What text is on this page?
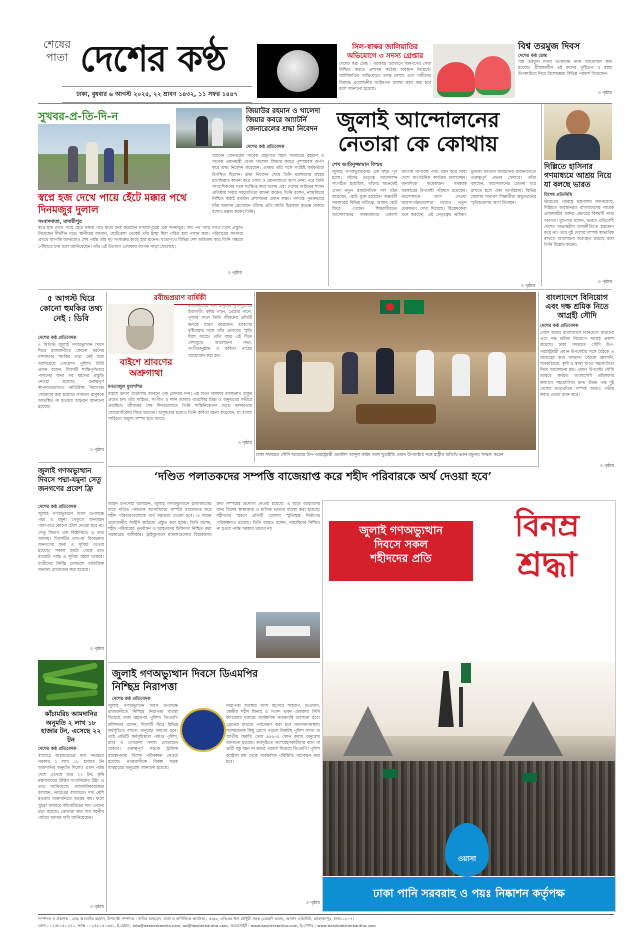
শেষের
পাতা দেশের কণ্ঠ
ঢাকা, বুধবার ৬ আগস্ট ২০২৫, ২২ শ্রাবণ ১৪৩২, ১১ সফর ১৪৪৭
সিল-স্বাক্ষর জালিয়াতির অভিযোগে ৩ সদস্য গ্রেপ্তার

দেশের কণ্ঠ ডেস্ক : সরকারি উদ্যোগে জনগণের সেবা নিশ্চিত করতে প্রশাসন কঠোর অবস্থান নিয়েছে। জালিয়াতির অভিযোগে তদন্ত চলছে এবং দায়ীদের বিরুদ্ধে প্রয়োজনীয় আইনগত ব্যবস্থা গ্রহণ করা হবে বলে জানানো হয়েছে।

বিশ্ব তরমুজ দিবস
দেশের কণ্ঠ ডেস্ক

বিশ্ব তরমুজ দিবস উপলক্ষে নানা আয়োজন করা হয়েছে। গ্রীষ্মকালীন এই ফলের পুষ্টিগুণ ও স্বাস্থ্য উপকারিতা নিয়ে বিশেষজ্ঞরা বিভিন্ন পরামর্শ দিয়েছেন।

৩ পৃষ্ঠায়
সুখবর-প্র-তি-দি-ন
স্বপ্নে হজ দেখে পায়ে হেঁটে মক্কার পথে দিনমজুর দুলাল
সংবাদদাতা, মাদারীপুর

স্বপ্নে হজ দেখে পায়ে হেঁটে মক্কার পথে যাত্রা শুরু করেছেন মাদারীপুরের এক দিনমজুর। দীর্ঘ পথ পাড়ি দিতে তিনি প্রস্তুতি নিয়েছেন দীর্ঘদিন ধরে। স্থানীয়রা জানান, ছোটবেলা থেকেই তাঁর ইচ্ছা ছিল পবিত্র হজ পালন করা। পরিবারের সদস্যরা প্রথমে আপত্তি জানালেও শেষ পর্যন্ত তাঁর দৃঢ় সংকল্পের কাছে হার মানেন। যাত্রাপথে বিভিন্ন দেশ অতিক্রম করে তিনি গন্তব্যে পৌঁছাতে চান বলে জানিয়েছেন। তাঁর এই উদ্যোগ এলাকায় ব্যাপক সাড়া ফেলেছে।

৩ পৃষ্ঠায়
জিয়াউর রহমান ও খালেদা জিয়ার কবরে আ্যাটর্নি জেনারেলের শ্রদ্ধা নিবেদন
দেশের কণ্ঠ প্রতিবেদক

অ্যাটর্নি জেনারেল সাবেক রাষ্ট্রপতি শহীদ জিয়াউর রহমান ও সাবেক প্রধানমন্ত্রী বেগম খালেদা জিয়ার কবরে পুষ্পস্তবক অর্পণ করে শ্রদ্ধা নিবেদন করেছেন। এসময় তাঁর সঙ্গে সংশ্লিষ্ট কর্মকর্তারা উপস্থিত ছিলেন। শ্রদ্ধা নিবেদন শেষে তিনি মরহুমদের রুহের মাগফিরাত কামনা করে দোয়া ও মোনাজাতে অংশ নেন। পরে তিনি সাংবাদিকদের সঙ্গে সংক্ষিপ্ত কথা বলেন এবং দেশের আইনের শাসন প্রতিষ্ঠায় সবার সহযোগিতা কামনা করেন। তিনি বলেন, ন্যায়বিচার নিশ্চিত করাই বর্তমান প্রশাসনের প্রধান লক্ষ্য। গণতন্ত্র পুনরুদ্ধারে যাঁরা অবদান রেখেছেন তাঁদের প্রতি জাতি চিরকাল কৃতজ্ঞ থাকবে বলেও মন্তব্য করেন তিনি।

জুলাই আন্দোলনের
নেতারা কে কোথায়
শেখ আমিনুজ্জামান বিস্ময়

জুলাই গণঅভ্যুত্থানের এক বছর পূর্ণ হলো। যাঁদের নেতৃত্বে আন্দোলন সংগঠিত হয়েছিল, তাঁদের অনেকেই এখন নতুন রাজনৈতিক দল গঠন করেছেন, কেউ যুক্ত হয়েছেন অন্তর্বর্তী সরকারের বিভিন্ন দায়িত্বে, আবার কেউ ফিরে গেছেন শিক্ষাজীবনে। আন্দোলনের সমন্বয়কদের একাংশ জাতীয় নাগরিক পার্টি গঠন করে সারা দেশে সাংগঠনিক কার্যক্রম চালাচ্ছেন। অন্যদিকে কয়েকজন সমন্বয়ক সরকারের উপদেষ্টা পরিষদে রয়েছেন। আন্দোলনে অংশ নেওয়া ছাত্রসংগঠনগুলোর মধ্যেও নতুন মেরুকরণ দেখা দিয়েছে। বিশ্লেষকেরা মনে করছেন, এই নেতৃত্বের ভবিষ্যৎ ভূমিকা আগামী নির্বাচনের রাজনীতিতে গুরুত্বপূর্ণ প্রভাব ফেলবে। তাঁরা বলছেন, আন্দোলনের চেতনা ধরে রাখতে হলে ঐক্য অপরিহার্য। বিভিন্ন জেলায় সাধারণ শিক্ষার্থীরা অভ্যুত্থানের স্মৃতিচারণায় অংশ নিচ্ছেন।

৩ পৃষ্ঠায়
দিল্লিতে হাসিনার গণমাধ্যমে আশ্রয় নিয়ে যা বলছে ভারত
বিশেষ প্রতিনিধি

ভারতের পররাষ্ট্র মন্ত্রণালয় জানিয়েছে, দিল্লিতে অবস্থানরত বাংলাদেশের সাবেক প্রধানমন্ত্রীর বক্তব্য প্রচারের বিষয়টি তারা অবগত। মুখপাত্র বলেন, ভারত প্রতিবেশী দেশের অভ্যন্তরীণ রাজনীতিতে হস্তক্ষেপ করে না। তবে দুই দেশের সম্পর্ক স্বাভাবিক রাখতে আলোচনা অব্যাহত রয়েছে বলে তিনি উল্লেখ করেন।

৩ পৃষ্ঠায়
৫ আগস্ট ঘিরে কোনো হুমকির তথ্য নেই : ডিবি
দেশের কণ্ঠ প্রতিবেদক

৫ আগস্ট জুলাই গণঅভ্যুত্থান দিবস ঘিরে রাজধানীতে কোনো ধরনের নাশকতার হুমকির তথ্য নেই বলে জানিয়েছে গোয়েন্দা পুলিশ। ডিবি প্রধান বলেন, দিবসটি শান্তিপূর্ণভাবে পালনের জন্য সব ধরনের প্রস্তুতি নেওয়া হয়েছে। গুরুত্বপূর্ণ স্থাপনাগুলোতে অতিরিক্ত নিরাপত্তা জোরদার করা হয়েছে। সাধারণ মানুষকে আতঙ্কিত না হওয়ার আহ্বান জানানো হয়েছে।

৩ পৃষ্ঠায়
রবীন্দ্রপ্রয়াণ বার্ষিকী
বাইশে শ্রাবণের অশ্রুগাথা
মনতাজুল মুবাশশির

বাইশে শ্রাবণ বাঙালির জীবনে এক বেদনার দিন। এই দিনে বিশ্বকবি রবীন্দ্রনাথ ঠাকুর প্রয়াত হন। তাঁর সাহিত্য, সংগীত ও দর্শন আজও বাঙালির চিন্তা ও অনুভবের গভীরে প্রবাহিত। জীবনের শেষ দিনগুলোতে তিনি শান্তিনিকেতন ছেড়ে কলকাতার জোড়াসাঁকোয় ফিরে আসেন। অসুস্থতার মধ্যেও তিনি কবিতা রচনা করেছেন, যা বাংলা সাহিত্যে অমূল্য সম্পদ হয়ে আছে।

রবীন্দ্রনাথের গান মানুষের সুখ-দুঃখের চিরসাথী। বর্ষার গানে, প্রেমের গানে, পূজার গানে তিনি জীবনের প্রতিটি ক্ষণকে ধারণ করেছেন। শ্রাবণের বৃষ্টিধারার সঙ্গে তাঁর প্রয়াণের স্মৃতি মিশে আছে। প্রতি বছর এই দিনে দেশজুড়ে আলোচনা সভা, সংগীতানুষ্ঠান ও কবিতা পাঠের আয়োজন করা হয়।

৩ পৃষ্ঠায়
ঢাকা সফররত সৌদি আরবের উপ-পররাষ্ট্রমন্ত্রী ওয়ালিদ আব্দুল করিম আল খুরাইজি প্রধান উপদেষ্টার সঙ্গে রাষ্ট্রীয় অতিথি ভবন যমুনায় সাক্ষাৎ করেন
বাংলাদেশে বিনিয়োগ এবং দক্ষ শ্রমিক নিতে আগ্রহী সৌদি
দেশের কণ্ঠ প্রতিবেদক

সৌদি আরব বাংলাদেশে বিনিয়োগ বাড়ানো এবং দক্ষ শ্রমিক নিয়োগে আগ্রহ প্রকাশ করেছে। ঢাকা সফররত সৌদি উপ-পররাষ্ট্রমন্ত্রী প্রধান উপদেষ্টার সঙ্গে বৈঠকে এ আগ্রহের কথা জানান। বৈঠকে জ্বালানি, অবকাঠামো, কৃষি ও স্বাস্থ্য খাতে সহযোগিতা নিয়ে আলোচনা হয়। প্রধান উপদেষ্টা সৌদি আরবে কর্মরত বাংলাদেশি শ্রমিকদের কল্যাণে সহযোগিতা চান। উভয় পক্ষ দুই দেশের ভ্রাতৃপ্রতিম সম্পর্ক আরও গভীর করার প্রত্যয় ব্যক্ত করে।

৩ পৃষ্ঠায়
‘দণ্ডিত পলাতকদের সম্পত্তি বাজেয়াপ্ত করে শহীদ পরিবারকে অর্থ দেওয়া হবে’

আইন উপদেষ্টা বলেছেন, জুলাই গণঅভ্যুত্থানে হত্যাকাণ্ডের দায়ে দণ্ডিত পলাতক আসামিদের সম্পত্তি বাজেয়াপ্ত করে শহীদ পরিবারগুলোকে অর্থ সহায়তা দেওয়া হবে। এ লক্ষ্যে প্রয়োজনীয় আইনি কাঠামো প্রস্তুত করা হচ্ছে। তিনি বলেন, শহীদ পরিবারের পুনর্বাসন ও আহতদের চিকিৎসা নিশ্চিত করা সরকারের অঙ্গীকার। ট্রাইব্যুনালে মামলাগুলোর বিচারকাজ দ্রুত সম্পন্নের উদ্যোগ নেওয়া হয়েছে। এ ছাড়া আহতদের জন্য বিশেষ স্বাস্থ্যকার্ড ও মাসিক ভাতার ব্যবস্থা করা হয়েছে। শহীদদের স্মরণে প্রতিটি জেলায় স্মৃতিস্তম্ভ নির্মাণের পরিকল্পনাও রয়েছে। তিনি আরও বলেন, ন্যায়বিচার নিশ্চিত না হওয়া পর্যন্ত সরকার থামবে না।

জুলাই গণঅভ্যুত্থান দিবসে পদ্মা-যমুনা সেতু জনগণের প্রবেশ ফ্রি
দেশের কণ্ঠ প্রতিবেদক

জুলাই গণঅভ্যুত্থান দিবস উপলক্ষে পদ্মা ও যমুনা সেতুতে যানবাহন পারাপারে কোনো টোল নেওয়া হবে না। সেতু বিভাগ এক বিজ্ঞপ্তিতে এ তথ্য জানায়। দিবসটির তাৎপর্য বিবেচনায় জনগণের জন্য এ সুবিধা দেওয়া হয়েছে। সকাল ছয়টা থেকে রাত বারোটা পর্যন্ত এ সুবিধা বহাল থাকবে। যাত্রীদের নির্বিঘ্ন চলাচলে অতিরিক্ত জনবল মোতায়েন করা হয়েছে।

৩ পৃষ্ঠায়
কাঁচামরিচ আমদানির অনুমতি ২ লাখ ১৮ হাজার টন, এসেছে ২২ টন
দেশের কণ্ঠ প্রতিবেদক

বাজারে কাঁচামরিচের দাম নিয়ন্ত্রণে সরকার ২ লাখ ১৮ হাজার টন আমদানির অনুমতি দিলেও এখন পর্যন্ত দেশে এসেছে মাত্র ২২ টন। কৃষি মন্ত্রণালয়ের উদ্ভিদ সংগনিরোধ উইং এ তথ্য জানিয়েছে। আমদানিকারকেরা বলছেন, ভারতের বাজারেও দাম বেশি হওয়ায় আমদানিতে আগ্রহ কম। ফলে খুচরা বাজারে কাঁচামরিচের দাম এখনো চড়া রয়েছে। ক্রেতারা দ্রুত দাম সহনীয় পর্যায়ে আনার দাবি জানিয়েছেন।

৩ পৃষ্ঠায়
জুলাই গণঅভ্যুত্থান দিবসে ডিএমপির নিশ্ছিদ্র নিরাপত্তা
দেশের কণ্ঠ প্রতিবেদক

জুলাই গণঅভ্যুত্থান দিবস উপলক্ষে রাজধানীতে নিশ্ছিদ্র নিরাপত্তা ব্যবস্থা নিয়েছে ঢাকা মহানগর পুলিশ। ডিএমপি কমিশনার বলেন, দিবসটি ঘিরে বিভিন্ন কর্মসূচিতে লাখো মানুষের সমাগম হবে। তাই প্রতিটি কর্মসূচিস্থলে পর্যাপ্ত পুলিশ, র‍্যাব ও গোয়েন্দা সদস্য মোতায়েন থাকবে। গুরুত্বপূর্ণ সড়কে ট্রাফিক ব্যবস্থাপনায় বিশেষ পরিকল্পনা নেওয়া হয়েছে। নগরবাসীকে বিকল্প সড়ক ব্যবহারের অনুরোধ জানানো হয়েছে।

নিরাপত্তা ব্যবস্থার অংশ হিসেবে শাহবাগ, টিএসসি, কেন্দ্রীয় শহীদ মিনার ও সংসদ ভবন এলাকায় সিসি ক্যামেরার মাধ্যমে সার্বক্ষণিক নজরদারি চালানো হবে। ড্রোনের মাধ্যমে পর্যবেক্ষণ করা হবে জনসমাগমস্থল। সন্দেহজনক কিছু চোখে পড়লে নিকটস্থ পুলিশ সদস্য বা জাতীয় জরুরি সেবা ৯৯৯-এ ফোন করার অনুরোধ জানানো হয়েছে। কর্মসূচিতে অংশগ্রহণকারীদের ব্যাগ বা ভারী বস্তু বহন না করার পরামর্শ দিয়েছে ডিএমপি। পুলিশ কন্ট্রোল রুম থেকে সার্বক্ষণিক পরিস্থিতি পর্যবেক্ষণ করা হবে।

৩ পৃষ্ঠায়

জুলাই গণঅভ্যুত্থান
দিবসে সকল
শহীদদের প্রতি
বিনম্র
শ্রদ্ধা
ওয়াসা
ঢাকা পানি সরবরাহ ও পয়ঃ নিষ্কাশন কর্তৃপক্ষ
সম্পাদক ও প্রকাশক : মোঃ আতাউর রহমান, উপদেষ্টা সম্পাদক : নাসির আহমেদ, বার্তা ও বাণিজ্যিক কার্যালয় : ৫৩/৩, এভিএম খান চৌধুরী সড়ক (মেহেদি ভবন), আসাদ এভিনিউ, মোহাম্মদপুর, ঢাকা-১২০৭।
ফোন : ০২৫৮১৫১২৭১, ফ্যাক্স : ০২৫৮১৫১৩৬১, ই-মেইল : info@desherkantha.com, ad@desherkantha.com, ওয়েবসাইট : www.desherkantha.com, ই-পেপার : www.dainikdesherkantha.com
